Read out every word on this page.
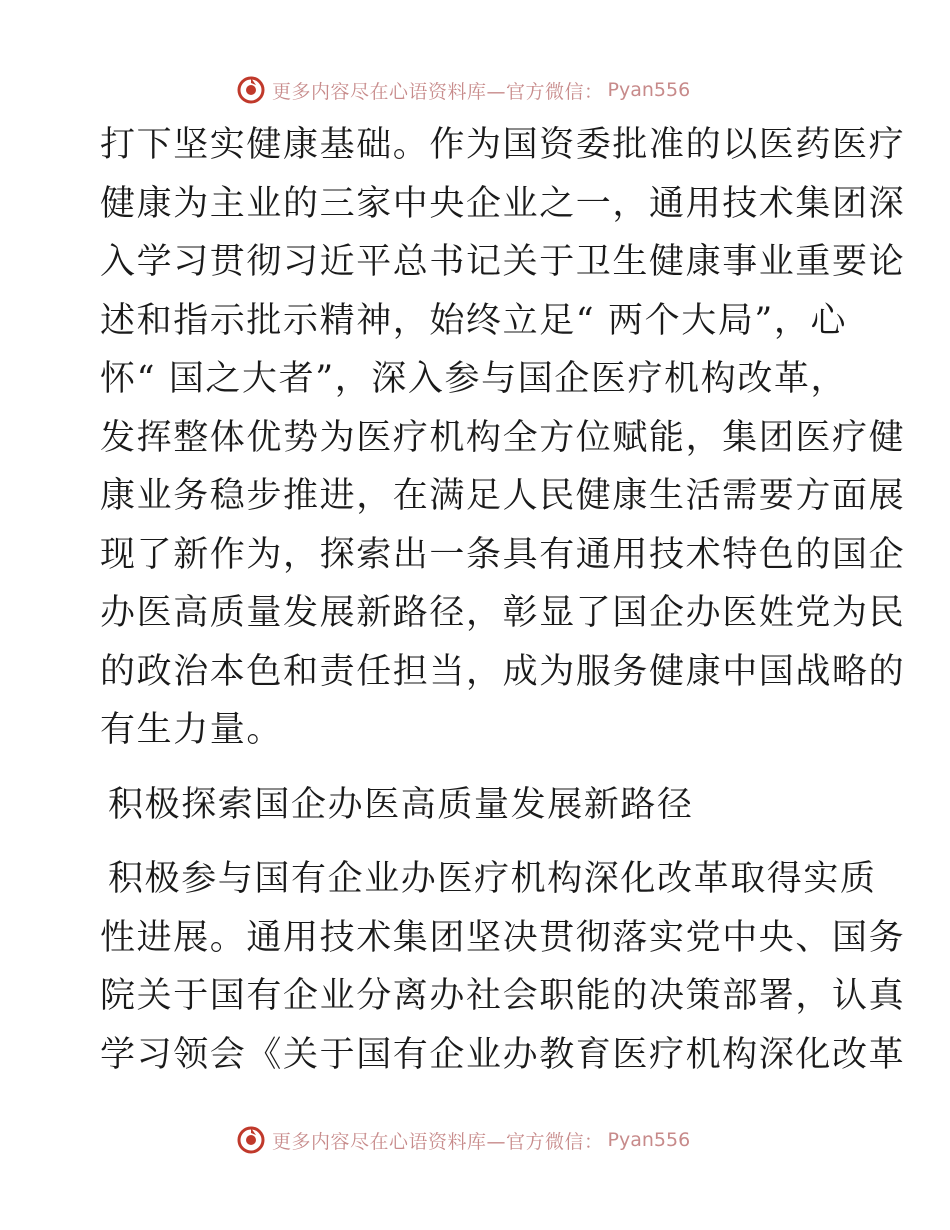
更多内容尽在心语资料库—官方微信： Pyan556
打下坚实健康基础。作为国资委批准的以医药医疗
健康为主业的三家中央企业之一，通用技术集团深
入学习贯彻习近平总书记关于卫生健康事业重要论
述和指示批示精神，始终立足“ 两个大局”，心
怀“ 国之大者”，深入参与国企医疗机构改革，
发挥整体优势为医疗机构全方位赋能，集团医疗健
康业务稳步推进，在满足人民健康生活需要方面展
现了新作为，探索出一条具有通用技术特色的国企
办医高质量发展新路径，彰显了国企办医姓党为民
的政治本色和责任担当，成为服务健康中国战略的
有生力量。
积极探索国企办医高质量发展新路径
积极参与国有企业办医疗机构深化改革取得实质
性进展。通用技术集团坚决贯彻落实党中央、国务
院关于国有企业分离办社会职能的决策部署，认真
学习领会《关于国有企业办教育医疗机构深化改革
更多内容尽在心语资料库—官方微信： Pyan556
